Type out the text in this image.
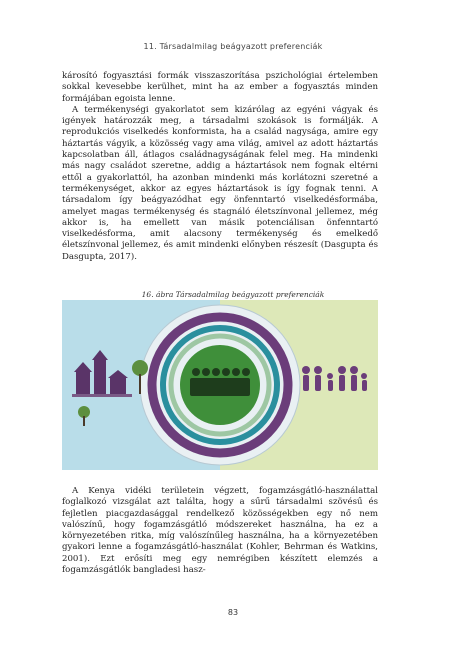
11. Társadalmilag beágyazott preferenciák

károsító fogyasztási formák visszaszorítása pszichológiai értelemben sokkal kevesebbe kerülhet, mint ha az ember a fogyasztás minden formájában egoista lenne.

A termékenységi gyakorlatot sem kizárólag az egyéni vágyak és igények határozzák meg, a társadalmi szokások is formálják. A reprodukciós viselkedés konformista, ha a család nagysága, amire egy háztartás vágyik, a közösség vagy ama világ, amivel az adott háztartás kapcsolatban áll, átlagos családnagyságának felel meg. Ha mindenki más nagy családot szeretne, addig a háztartások nem fognak eltérni ettől a gyakorlattól, ha azonban mindenki más korlátozni szeretné a termékenységet, akkor az egyes háztartások is így fognak tenni. A társadalom így beágyazódhat egy önfenntartó viselkedésformába, amelyet magas termékenység és stagnáló életszínvonal jellemez, még akkor is, ha emellett van másik potenciálisan önfenntartó viselkedésforma, amit alacsony termékenység és emelkedő életszínvonal jellemez, és amit mindenki előnyben részesít (Dasgupta és Dasgupta, 2017).

16. ábra Társadalmilag beágyazott preferenciák

A Kenya vidéki területein végzett, fogamzásgátló-használattal foglalkozó vizsgálat azt találta, hogy a sűrű társadalmi szövésű és fejletlen piacgazdasággal rendelkező közösségekben egy nő nem valószínű, hogy fogamzásgátló módszereket használna, ha ez a környezetében ritka, míg valószínűleg használna, ha a környezetében gyakori lenne a fogamzásgátló-használat (Kohler, Behrman és Watkins, 2001). Ezt erősíti meg egy nemrégiben készített elemzés a fogamzásgátlók bangladesi hasz-

83
